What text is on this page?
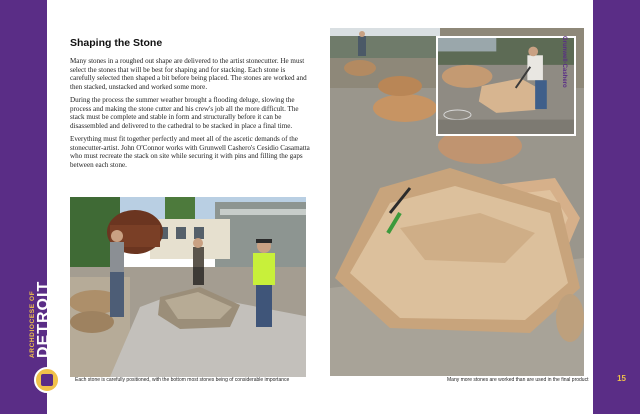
ARCHDIOCESE OF DETROIT
15
Shaping the Stone

Many stones in a roughed out shape are delivered to the artist stonecutter. He must select the stones that will be best for shaping and for stacking. Each stone is carefully selected then shaped a bit before being placed. The stones are worked and then stacked, unstacked and worked some more.

During the process the summer weather brought a flooding deluge, slowing the process and making the stone cutter and his crew's job all the more difficult. The stack must be complete and stable in form and structurally before it can be disassembled and delivered to the cathedral to be stacked in place a final time.

Everything must fit together perfectly and meet all of the ascetic demands of the stonecutter-artist. John O'Connor works with Grunwell Cashero's Cesidio Casamatta who must recreate the stack on site while securing it with pins and filling the gaps between each stone.

Grunwell·Cashero
Each stone is carefully positioned, with the bottom most stones being of considerable importance	Many more stones are worked than are used in the final product
